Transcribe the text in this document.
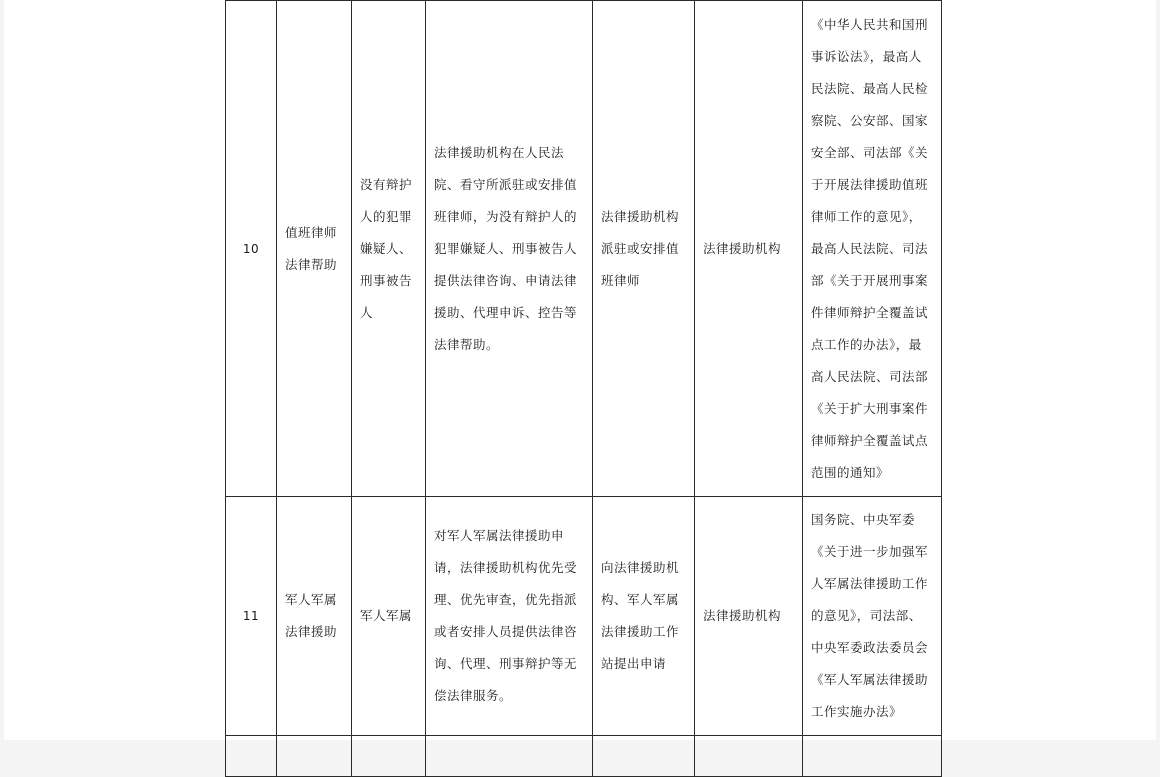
10	值班律师法律帮助	没有辩护人的犯罪嫌疑人、刑事被告人	法律援助机构在人民法院、看守所派驻或安排值班律师，为没有辩护人的犯罪嫌疑人、刑事被告人提供法律咨询、申请法律援助、代理申诉、控告等法律帮助。	法律援助机构派驻或安排值班律师	法律援助机构	《中华人民共和国刑事诉讼法》，最高人民法院、最高人民检察院、公安部、国家安全部、司法部《关于开展法律援助值班律师工作的意见》，最高人民法院、司法部《关于开展刑事案件律师辩护全覆盖试点工作的办法》，最高人民法院、司法部《关于扩大刑事案件律师辩护全覆盖试点范围的通知》

11	军人军属法律援助	军人军属	对军人军属法律援助申请，法律援助机构优先受理、优先审查，优先指派或者安排人员提供法律咨询、代理、刑事辩护等无偿法律服务。	向法律援助机构、军人军属法律援助工作站提出申请	法律援助机构	国务院、中央军委《关于进一步加强军人军属法律援助工作的意见》，司法部、中央军委政法委员会《军人军属法律援助工作实施办法》
